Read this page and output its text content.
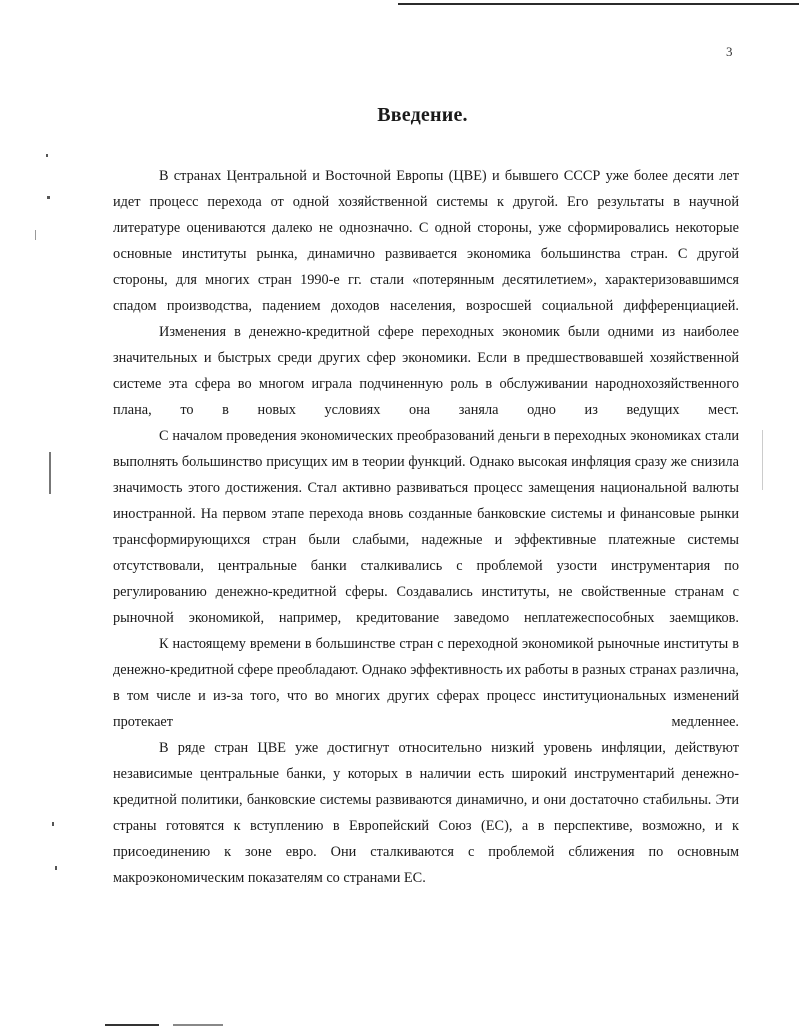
3
Введение.

В странах Центральной и Восточной Европы (ЦВЕ) и бывшего СССР уже более десяти лет идет процесс перехода от одной хозяйственной системы к другой. Его результаты в научной литературе оцениваются далеко не однозначно. С одной стороны, уже сформировались некоторые основные институты рынка, динамично развивается экономика большинства стран. С другой стороны, для многих стран 1990-е гг. стали «потерянным десятилетием», характеризовавшимся спадом производства, падением доходов населения, возросшей социальной дифференциацией.

Изменения в денежно-кредитной сфере переходных экономик были одними из наиболее значительных и быстрых среди других сфер экономики. Если в предшествовавшей хозяйственной системе эта сфера во многом играла подчиненную роль в обслуживании народнохозяйственного плана, то в новых условиях она заняла одно из ведущих мест.

С началом проведения экономических преобразований деньги в переходных экономиках стали выполнять большинство присущих им в теории функций. Однако высокая инфляция сразу же снизила значимость этого достижения. Стал активно развиваться процесс замещения национальной валюты иностранной. На первом этапе перехода вновь созданные банковские системы и финансовые рынки трансформирующихся стран были слабыми, надежные и эффективные платежные системы отсутствовали, центральные банки сталкивались с проблемой узости инструментария по регулированию денежно-кредитной сферы. Создавались институты, не свойственные странам с рыночной экономикой, например, кредитование заведомо неплатежеспособных заемщиков.

К настоящему времени в большинстве стран с переходной экономикой рыночные институты в денежно-кредитной сфере преобладают. Однако эффективность их работы в разных странах различна, в том числе и из-за того, что во многих других сферах процесс институциональных изменений протекает медленнее.

В ряде стран ЦВЕ уже достигнут относительно низкий уровень инфляции, действуют независимые центральные банки, у которых в наличии есть широкий инструментарий денежно-кредитной политики, банковские системы развиваются динамично, и они достаточно стабильны. Эти страны готовятся к вступлению в Европейский Союз (ЕС), а в перспективе, возможно, и к присоединению к зоне евро. Они сталкиваются с проблемой сближения по основным макроэкономическим показателям со странами ЕС.
